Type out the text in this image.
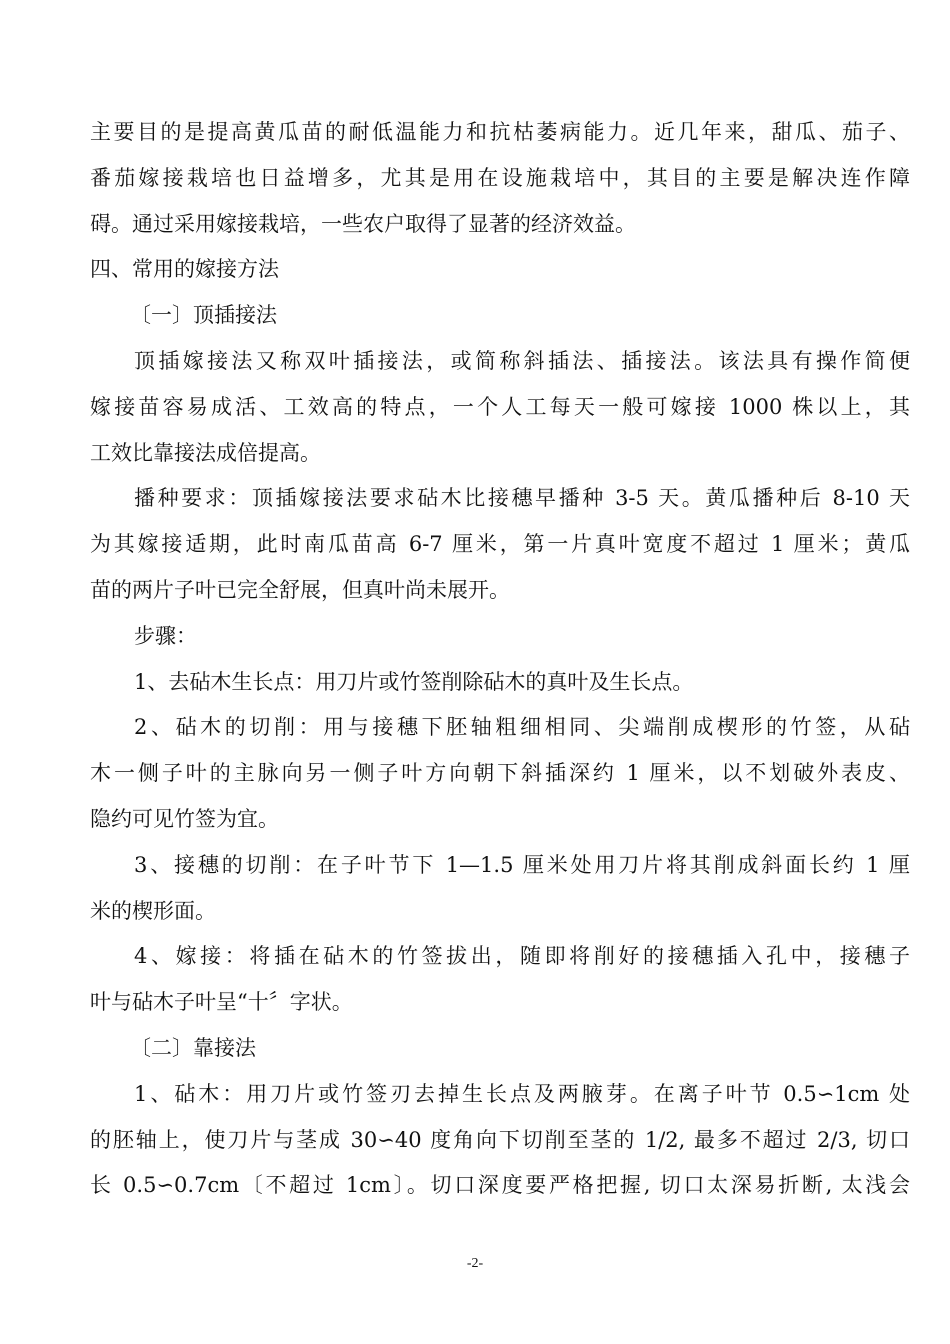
主要目的是提高黄瓜苗的耐低温能力和抗枯萎病能力。近几年来，甜瓜、茄子、
番茄嫁接栽培也日益增多，尤其是用在设施栽培中，其目的主要是解决连作障
碍。通过采用嫁接栽培，一些农户取得了显著的经济效益。
四、常用的嫁接方法
〔一〕顶插接法
顶插嫁接法又称双叶插接法，或简称斜插法、插接法。该法具有操作简便
嫁接苗容易成活、工效高的特点，一个人工每天一般可嫁接 1000 株以上，其
工效比靠接法成倍提高。
播种要求：顶插嫁接法要求砧木比接穗早播种 3-5 天。黄瓜播种后 8-10 天
为其嫁接适期，此时南瓜苗高 6-7 厘米，第一片真叶宽度不超过 1 厘米；黄瓜
苗的两片子叶已完全舒展，但真叶尚未展开。
步骤：
1、去砧木生长点：用刀片或竹签削除砧木的真叶及生长点。
2、砧木的切削：用与接穗下胚轴粗细相同、尖端削成楔形的竹签，从砧
木一侧子叶的主脉向另一侧子叶方向朝下斜插深约 1 厘米，以不划破外表皮、
隐约可见竹签为宜。
3、接穗的切削：在子叶节下 1—1.5 厘米处用刀片将其削成斜面长约 1 厘
米的楔形面。
4、嫁接：将插在砧木的竹签拔出，随即将削好的接穗插入孔中，接穗子
叶与砧木子叶呈“十〞字状。
〔二〕靠接法
1、砧木：用刀片或竹签刃去掉生长点及两腋芽。在离子叶节 0.5∽1cm 处
的胚轴上，使刀片与茎成 30∽40 度角向下切削至茎的 1/2, 最多不超过 2/3, 切口
长 0.5∽0.7cm〔不超过 1cm〕。切口深度要严格把握, 切口太深易折断, 太浅会
-2-
